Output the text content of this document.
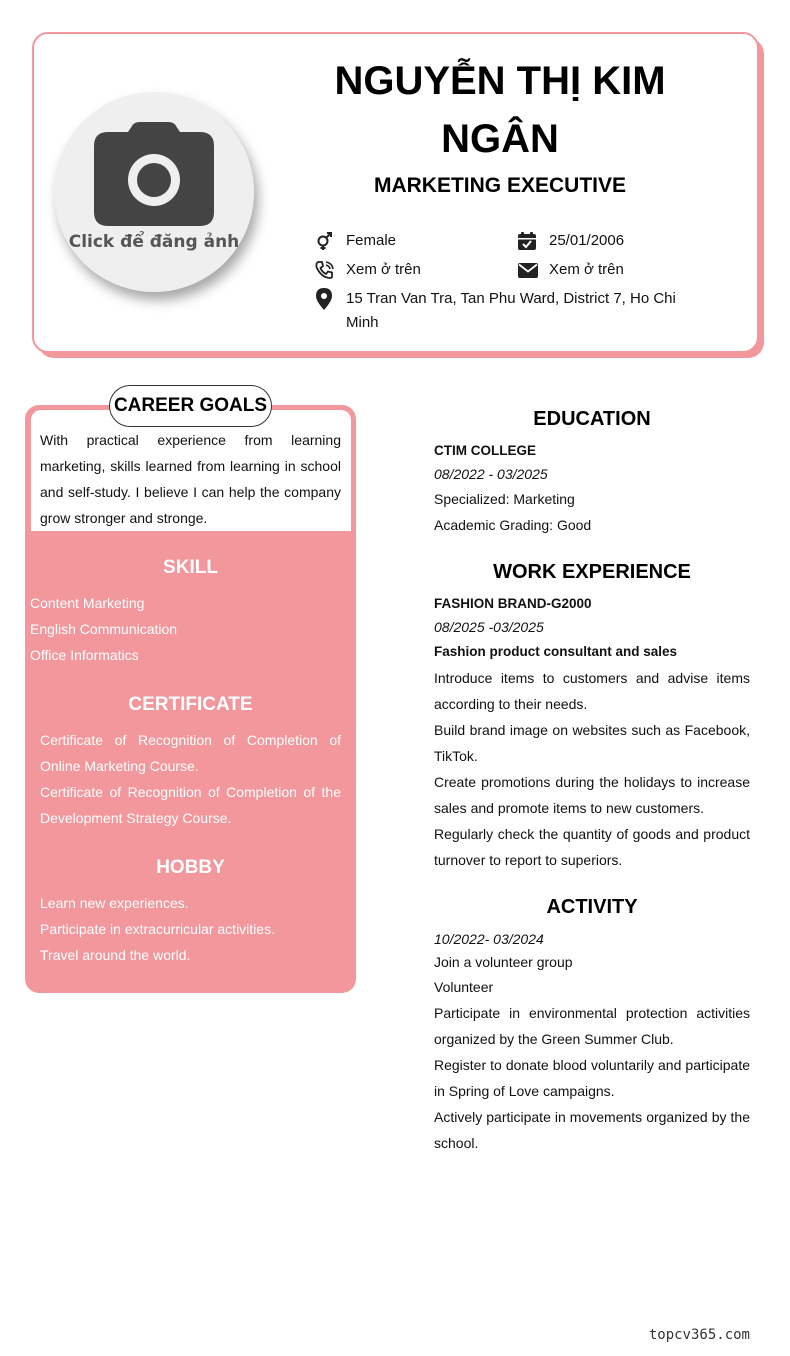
Click để đăng ảnh
NGUYỄN THỊ KIM
NGÂN
MARKETING EXECUTIVE
Female	25/01/2006
Xem ở trên	Xem ở trên
15 Tran Van Tra, Tan Phu Ward, District 7, Ho Chi Minh
CAREER GOALS
With practical experience from learning marketing, skills learned from learning in school and self-study. I believe I can help the company grow stronger and stronge.
SKILL
Content Marketing
English Communication
Office Informatics
CERTIFICATE
Certificate of Recognition of Completion of Online Marketing Course.
Certificate of Recognition of Completion of the Development Strategy Course.
HOBBY
Learn new experiences.
Participate in extracurricular activities.
Travel around the world.
EDUCATION
CTIM COLLEGE
08/2022 - 03/2025
Specialized: Marketing
Academic Grading: Good
WORK EXPERIENCE
FASHION BRAND-G2000
08/2025 -03/2025
Fashion product consultant and sales
Introduce items to customers and advise items according to their needs.
Build brand image on websites such as Facebook, TikTok.
Create promotions during the holidays to increase sales and promote items to new customers.
Regularly check the quantity of goods and product turnover to report to superiors.
ACTIVITY
10/2022- 03/2024
Join a volunteer group
Volunteer
Participate in environmental protection activities organized by the Green Summer Club.
Register to donate blood voluntarily and participate in Spring of Love campaigns.
Actively participate in movements organized by the school.
topcv365.com
